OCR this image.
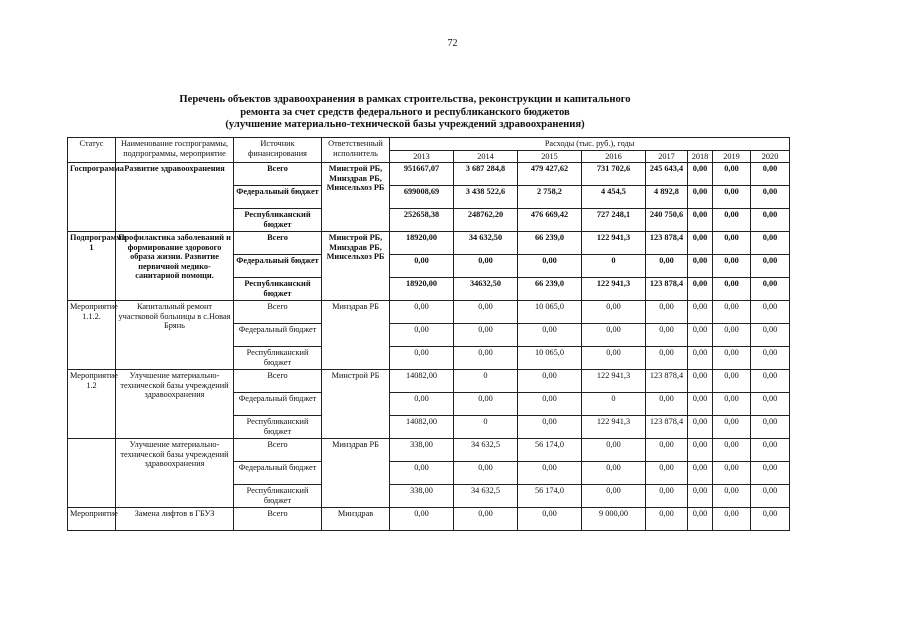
72
Перечень объектов здравоохранения в рамках строительства, реконструкции и капитального
ремонта за счет средств федерального и республиканского бюджетов
(улучшение материально-технической базы учреждений здравоохранения)
Статус	Наименование госпрограммы, подпрограммы, мероприятие	Источник финансирования	Ответственный исполнитель	Расходы (тыс. руб.), годы							
				2013	2014	2015	2016	2017	2018	2019	2020
Госпрограмма	Развитие здравоохранения	Всего	Минстрой РБ, Минздрав РБ, Минсельхоз РБ	951667,07	3 687 284,8	479 427,62	731 702,6	245 643,4	0,00	0,00	0,00
		Федеральный бюджет		699008,69	3 438 522,6	2 758,2	4 454,5	4 892,8	0,00	0,00	0,00
		Республиканский бюджет		252658,38	248762,20	476 669,42	727 248,1	240 750,6	0,00	0,00	0,00
Подпрограмма 1	Профилактика заболеваний и формирование здорового образа жизни. Развитие первичной медико-санитарной помощи.	Всего	Минстрой РБ, Минздрав РБ, Минсельхоз РБ	18920,00	34 632,50	66 239,0	122 941,3	123 878,4	0,00	0,00	0,00
		Федеральный бюджет		0,00	0,00	0,00	0	0,00	0,00	0,00	0,00
		Республиканский бюджет		18920,00	34632,50	66 239,0	122 941,3	123 878,4	0,00	0,00	0,00
Мероприятие 1.1.2.	Капитальный ремонт участковой больницы в с.Новая Брянь	Всего	Минздрав РБ	0,00	0,00	10 065,0	0,00	0,00	0,00	0,00	0,00
		Федеральный бюджет		0,00	0,00	0,00	0,00	0,00	0,00	0,00	0,00
		Республиканский бюджет		0,00	0,00	10 065,0	0,00	0,00	0,00	0,00	0,00
Мероприятие 1.2	Улучшение материально-технической базы учреждений здравоохранения	Всего	Минстрой РБ	14082,00	0	0,00	122 941,3	123 878,4	0,00	0,00	0,00
		Федеральный бюджет		0,00	0,00	0,00	0	0,00	0,00	0,00	0,00
		Республиканский бюджет		14082,00	0	0,00	122 941,3	123 878,4	0,00	0,00	0,00
	Улучшение материально-технической базы учреждений здравоохранения	Всего	Минздрав РБ	338,00	34 632,5	56 174,0	0,00	0,00	0,00	0,00	0,00
		Федеральный бюджет		0,00	0,00	0,00	0,00	0,00	0,00	0,00	0,00
		Республиканский бюджет		338,00	34 632,5	56 174,0	0,00	0,00	0,00	0,00	0,00
Мероприятие	Замена лифтов в ГБУЗ	Всего	Минздрав	0,00	0,00	0,00	9 000,00	0,00	0,00	0,00	0,00
